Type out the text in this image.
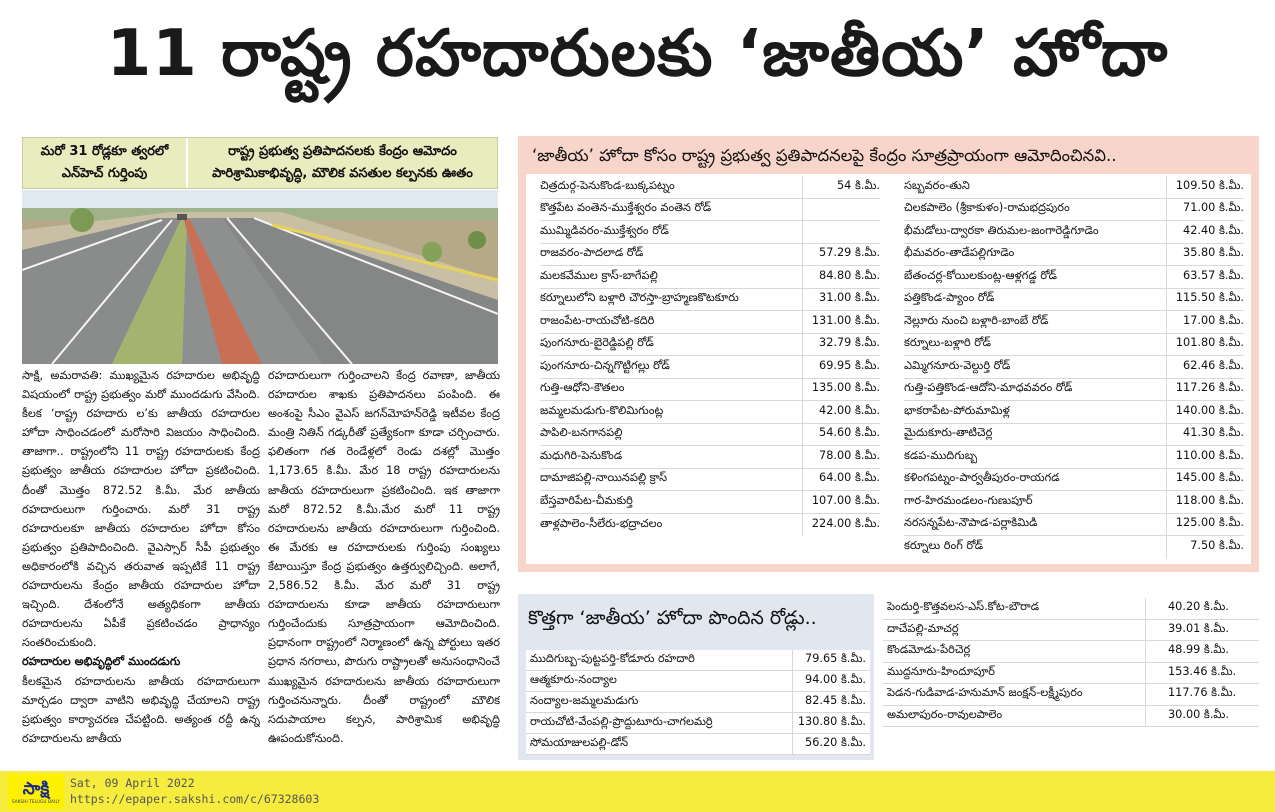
11 రాష్ట్ర రహదారులకు ‘జాతీయ’ హోదా
మరో 31 రోడ్లకూ త్వరలో
ఎన్‌హెచ్‌ గుర్తింపు
రాష్ట్ర ప్రభుత్వ ప్రతిపాదనలకు కేంద్రం ఆమోదం
పారిశ్రామికాభివృద్ధి, మౌలిక వసతుల కల్పనకు ఊతం

సాక్షి, అమరావతి: ముఖ్యమైన రహదారుల అభివృద్ధి విషయంలో రాష్ట్ర ప్రభుత్వం మరో ముందడుగు వేసింది. కీలక ‘రాష్ట్ర రహదారు ల’కు జాతీయ రహదారుల హోదా సాధించడంలో మరోసారి విజయం సాధించింది. తాజాగా.. రాష్ట్రంలోని 11 రాష్ట్ర రహదారులకు కేంద్ర ప్రభుత్వం జాతీయ రహదారుల హోదా ప్రకటించింది. దీంతో మొత్తం 872.52 కి.మీ. మేర జాతీయ రహదారులుగా గుర్తించారు. మరో 31 రాష్ట్ర రహదారులకూ జాతీయ రహదారుల హోదా కోసం ప్రభుత్వం ప్రతిపాదించింది. వైఎస్సార్‌ సీపీ ప్రభుత్వం అధికారంలోకి వచ్చిన తరువాత ఇప్పటికే 11 రాష్ట్ర రహదారులను కేంద్రం జాతీయ రహదారుల హోదా ఇచ్చింది. దేశంలోనే అత్యధికంగా జాతీయ రహదారులను ఏపీకే ప్రకటించడం ప్రాధాన్యం సంతరించుకుంది.

రహదారుల అభివృద్ధిలో ముందడుగు

కీలకమైన రహదారులను జాతీయ రహదారులుగా మార్చడం ద్వారా వాటిని అభివృద్ధి చేయాలని రాష్ట్ర ప్రభుత్వం కార్యాచరణ చేపట్టింది. అత్యంత రద్దీ ఉన్న రహదారులను జాతీయ

రహదారులుగా గుర్తించాలని కేంద్ర రవాణా, జాతీయ రహదారుల శాఖకు ప్రతిపాదనలు పంపింది. ఈ అంశంపై సీఎం వైఎస్‌ జగన్‌మోహన్‌రెడ్డి ఇటీవల కేంద్ర మంత్రి నితిన్‌ గడ్కరీతో ప్రత్యేకంగా కూడా చర్చించారు. ఫలితంగా గత రెండేళ్లలో రెండు దశల్లో మొత్తం 1,173.65 కి.మీ. మేర 18 రాష్ట్ర రహదారులను జాతీయ రహదారులుగా ప్రకటించింది. ఇక తాజాగా మరో 872.52 కి.మీ.మేర మరో 11 రాష్ట్ర రహదారులను జాతీయ రహదారులుగా గుర్తించింది. ఈ మేరకు ఆ రహదారులకు గుర్తింపు సంఖ్యలు కేటాయిస్తూ కేంద్ర ప్రభుత్వం ఉత్తర్వులిచ్చింది. అలాగే, 2,586.52 కి.మీ. మేర మరో 31 రాష్ట్ర రహదారులను కూడా జాతీయ రహదారులుగా గుర్తించేందుకు సూత్రప్రాయంగా ఆమోదించింది. ప్రధానంగా రాష్ట్రంలో నిర్మాణంలో ఉన్న పోర్టులు ఇతర ప్రధాన నగరాలు, పొరుగు రాష్ట్రాలతో అనుసంధానించే ముఖ్యమైన రహదారులను జాతీయ రహదారులుగా గుర్తించనున్నారు. దీంతో రాష్ట్రంలో మౌలిక సదుపాయాల కల్పన, పారిశ్రామిక అభివృద్ధి ఊపందుకోనుంది.

‘జాతీయ’ హోదా కోసం రాష్ట్ర ప్రభుత్వ ప్రతిపాదనలపై కేంద్రం సూత్రప్రాయంగా ఆమోదించినవి..
చిత్రదుర్గ-పెనుకొండ-బుక్కపట్నం	54 కి.మీ.
కొత్తపేట వంతెన-ముక్తేశ్వరం వంతెన రోడ్
ముమ్మిడివరం-ముక్తేశ్వరం రోడ్
రాజవరం-పాదలాడ రోడ్	57.29 కి.మీ.
మలకవేముల క్రాస్-బాగేపల్లి	84.80 కి.మీ.
కర్నూలులోని బళ్లారి చౌరస్తా-బ్రాహ్మణకొటకూరు	31.00 కి.మీ.
రాజంపేట-రాయచోటి-కదిరి	131.00 కి.మీ.
పుంగనూరు-బైరెడ్డిపల్లి రోడ్	32.79 కి.మీ.
పుంగనూరు-చిన్నగొట్టిగల్లు రోడ్	69.95 కి.మీ.
గుత్తి-ఆధోని-కౌతలం	135.00 కి.మీ.
జమ్మలమడుగు-కొలిమిగుంట్ల	42.00 కి.మీ.
పాపిలి-బనగానపల్లి	54.60 కి.మీ.
మధుగిరి-పెనుకొండ	78.00 కి.మీ.
దామాజిపల్లి-నాయినపల్లి క్రాస్	64.00 కి.మీ.
బేస్తవారిపేట-చీమకుర్తి	107.00 కి.మీ.
తాళ్లపాలెం-సీలేరు-భద్రాచలం	224.00 కి.మీ.
సబ్బవరం-తుని	109.50 కి.మీ.
చిలకపాలెం (శ్రీకాకుళం)-రామభద్రపురం	71.00 కి.మీ.
భీమడోలు-ద్వారకా తిరుమల-జంగారెడ్డిగూడెం	42.40 కి.మీ.
భీమవరం-తాడేపల్లిగూడెం	35.80 కి.మీ.
బేతంచర్ల-కోయిలకుంట్ల-ఆళ్లగడ్డ రోడ్	63.57 కి.మీ.
పత్తికొండ-ప్యాంం రోడ్	115.50 కి.మీ.
నెల్లూరు నుంచి బళ్లారి-బాంబే రోడ్	17.00 కి.మీ.
కర్నూలు-బళ్లారి రోడ్	101.80 కి.మీ.
ఎమ్మిగనూరు-వెల్దుర్తి రోడ్	62.46 కి.మీ.
గుత్తి-పత్తికొండ-ఆదోని-మాధవవరం రోడ్	117.26 కి.మీ.
భాకరాపేట-పోరుమామిళ్ల	140.00 కి.మీ.
మైదుకూరు-తాటిచెర్ల	41.30 కి.మీ.
కడప-ముదిగుబ్బ	110.00 కి.మీ.
కళింగపట్నం-పార్వతీపురం-రాయగడ	145.00 కి.మీ.
గార-హిరమండలం-గుణుపూర్	118.00 కి.మీ.
నరసన్నపేట-నౌపాడ-పర్లాకిమిడి	125.00 కి.మీ.
కర్నూలు రింగ్ రోడ్	7.50 కి.మీ.
కొత్తగా ‘జాతీయ’ హోదా పొందిన రోడ్లు..
ముదిగుబ్బ-పుట్టపర్తి-కోడూరు రహదారి	79.65 కి.మీ.
ఆత్మకూరు-నంద్యాల	94.00 కి.మీ.
నంద్యాల-జమ్మలమడుగు	82.45 కి.మీ.
రాయచోటి-వేంపల్లి-ప్రొద్దుటూరు-చాగలమర్రి	130.80 కి.మీ.
సోమయాజులపల్లి-డోన్	56.20 కి.మీ.
పెందుర్తి-కొత్తవలస-ఎస్.కోట-బౌరాడ	40.20 కి.మీ.
దాచేపల్లి-మాచర్ల	39.01 కి.మీ.
కొండమోడు-పేరిచెర్ల	48.99 కి.మీ.
ముద్దనూరు-హిందూపూర్	153.46 కి.మీ.
పెడన-గుడివాడ-హనుమాన్ జంక్షన్-లక్ష్మీపురం	117.76 కి.మీ.
అమలాపురం-రావులపాలెం	30.00 కి.మీ.
సాక్షి
SAKSHI TELUGU DAILY
Sat, 09 April 2022
https://epaper.sakshi.com/c/67328603
